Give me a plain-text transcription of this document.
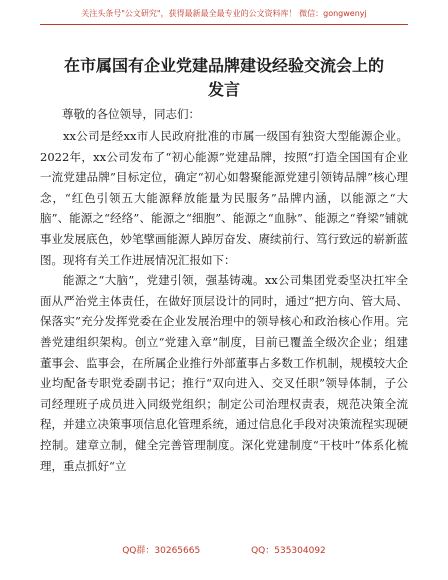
关注头条号"公文研究"，获得最新最全最专业的公文资料库！ 微信：gongwenyj
在市属国有企业党建品牌建设经验交流会上的
发言
尊敬的各位领导，同志们：

xx公司是经xx市人民政府批准的市属一级国有独资大型能源企业。2022年，xx公司发布了“初心能源”党建品牌，按照“打造全国国有企业一流党建品牌”目标定位，确定“初心如磐聚能源党建引领铸品牌”核心理念，“红色引领五大能源释放能量为民服务”品牌内涵，以能源之“大脑”、能源之“经络”、能源之“细胞”、能源之“血脉”、能源之“脊梁”铺就事业发展底色，妙笔擘画能源人踔厉奋发、赓续前行、笃行致远的崭新蓝图。现将有关工作进展情况汇报如下：

能源之“大脑”，党建引领，强基铸魂。xx公司集团党委坚决扛牢全面从严治党主体责任，在做好顶层设计的同时，通过“把方向、管大局、保落实”充分发挥党委在企业发展治理中的领导核心和政治核心作用。完善党建组织架构。创立“党建入章”制度，目前已覆盖全级次企业；组建董事会、监事会，在所属企业推行外部董事占多数工作机制，规模较大企业均配备专职党委副书记；推行“双向进入、交叉任职”领导体制，子公司经理班子成员进入同级党组织；制定公司治理权责表，规范决策全流程，并建立决策事项信息化管理系统，通过信息化手段对决策流程实现硬控制。建章立制，健全完善管理制度。深化党建制度“干枝叶”体系化梳理，重点抓好“立

QQ群：30265665	QQ：535304092
